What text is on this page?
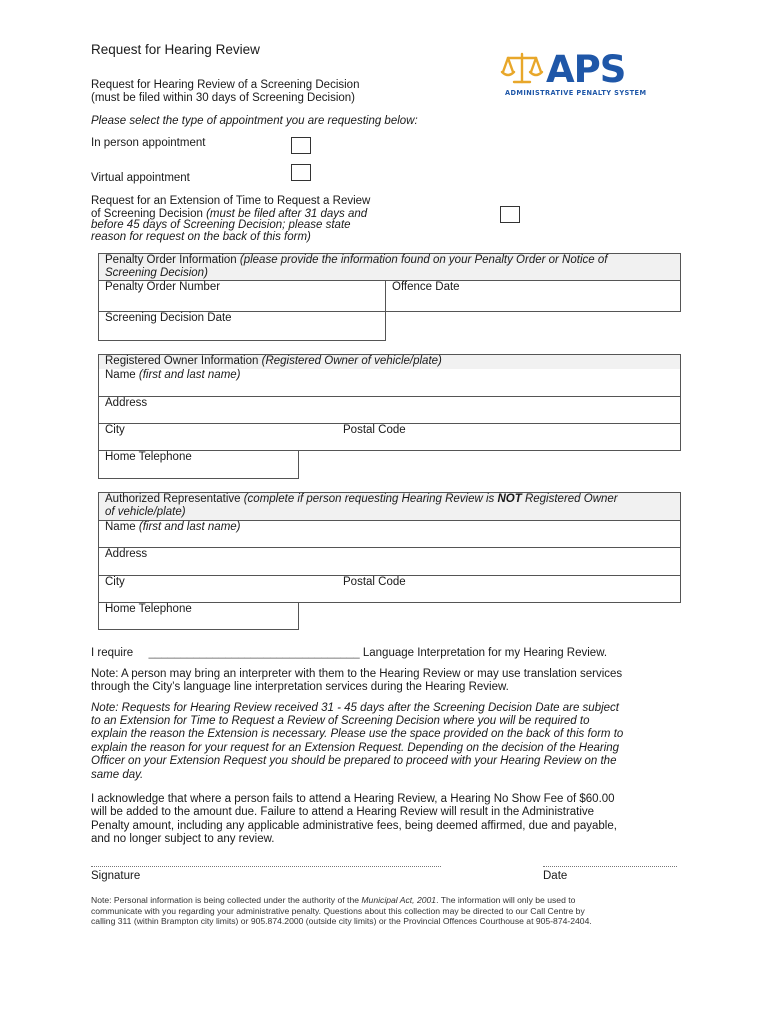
Request for Hearing Review	APS
ADMINISTRATIVE PENALTY SYSTEM
Request for Hearing Review of a Screening Decision
(must be filed within 30 days of Screening Decision)
Please select the type of appointment you are requesting below:
In person appointment
Virtual appointment
Request for an Extension of Time to Request a Review
of Screening Decision (must be filed after 31 days and
before 45 days of Screening Decision; please state
reason for request on the back of this form)
Penalty Order Information (please provide the information found on your Penalty Order or Notice of
Screening Decision)
Penalty Order Number	Offence Date
Screening Decision Date
Registered Owner Information (Registered Owner of vehicle/plate)
Name (first and last name)
Address
City	Postal Code
Home Telephone
Authorized Representative (complete if person requesting Hearing Review is NOT Registered Owner
of vehicle/plate)
Name (first and last name)
Address
City	Postal Code
Home Telephone
I require _________________________________ Language Interpretation for my Hearing Review.
Note: A person may bring an interpreter with them to the Hearing Review or may use translation services
through the City’s language line interpretation services during the Hearing Review.
Note: Requests for Hearing Review received 31 - 45 days after the Screening Decision Date are subject
to an Extension for Time to Request a Review of Screening Decision where you will be required to
explain the reason the Extension is necessary. Please use the space provided on the back of this form to
explain the reason for your request for an Extension Request. Depending on the decision of the Hearing
Officer on your Extension Request you should be prepared to proceed with your Hearing Review on the
same day.
I acknowledge that where a person fails to attend a Hearing Review, a Hearing No Show Fee of $60.00
will be added to the amount due. Failure to attend a Hearing Review will result in the Administrative
Penalty amount, including any applicable administrative fees, being deemed affirmed, due and payable,
and no longer subject to any review.
Signature	Date
Note: Personal information is being collected under the authority of the Municipal Act, 2001. The information will only be used to
communicate with you regarding your administrative penalty. Questions about this collection may be directed to our Call Centre by
calling 311 (within Brampton city limits) or 905.874.2000 (outside city limits) or the Provincial Offences Courthouse at 905-874-2404.
